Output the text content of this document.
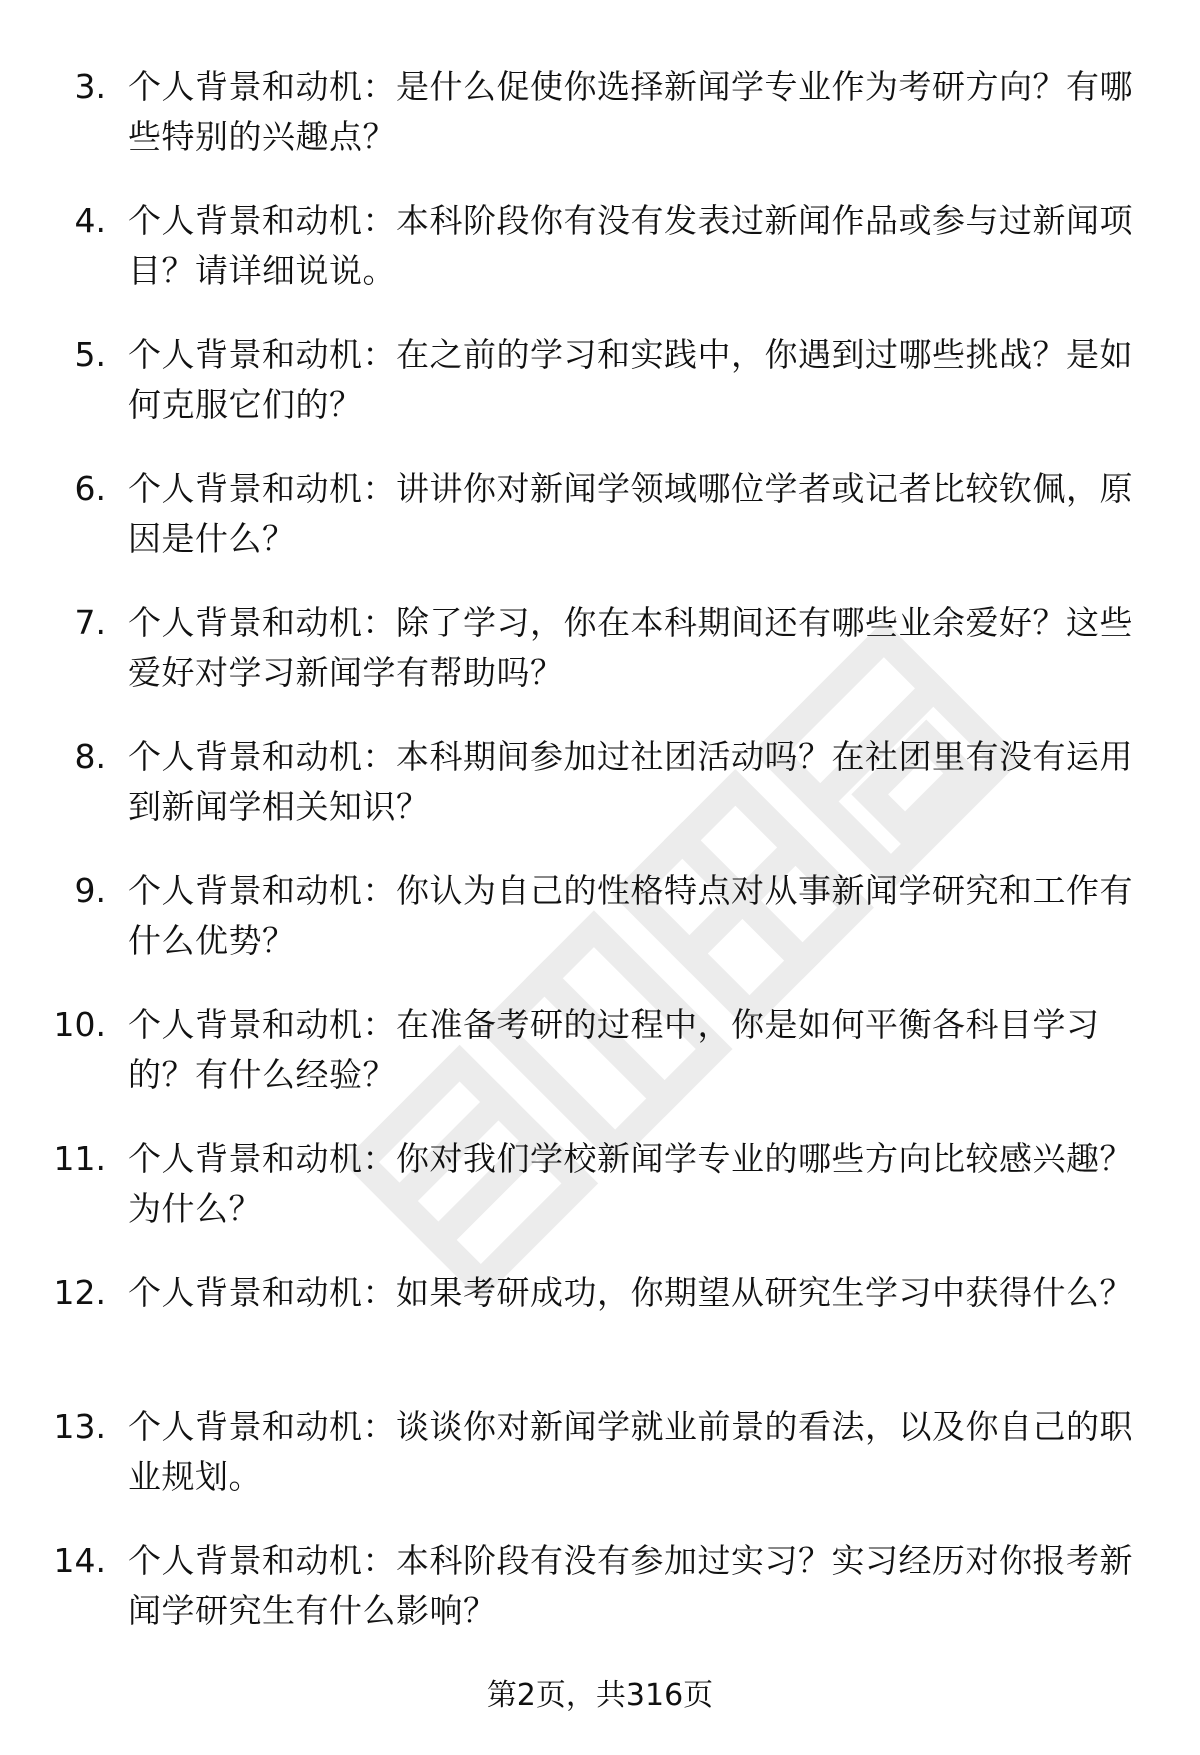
3. 个人背景和动机：是什么促使你选择新闻学专业作为考研方向？有哪些特别的兴趣点？
4. 个人背景和动机：本科阶段你有没有发表过新闻作品或参与过新闻项目？请详细说说。
5. 个人背景和动机：在之前的学习和实践中，你遇到过哪些挑战？是如何克服它们的？
6. 个人背景和动机：讲讲你对新闻学领域哪位学者或记者比较钦佩，原因是什么？
7. 个人背景和动机：除了学习，你在本科期间还有哪些业余爱好？这些爱好对学习新闻学有帮助吗？
8. 个人背景和动机：本科期间参加过社团活动吗？在社团里有没有运用到新闻学相关知识？
9. 个人背景和动机：你认为自己的性格特点对从事新闻学研究和工作有什么优势？
10. 个人背景和动机：在准备考研的过程中，你是如何平衡各科目学习的？有什么经验？
11. 个人背景和动机：你对我们学校新闻学专业的哪些方向比较感兴趣？为什么？
12. 个人背景和动机：如果考研成功，你期望从研究生学习中获得什么？
13. 个人背景和动机：谈谈你对新闻学就业前景的看法，以及你自己的职业规划。
14. 个人背景和动机：本科阶段有没有参加过实习？实习经历对你报考新闻学研究生有什么影响？
第2页，共316页
